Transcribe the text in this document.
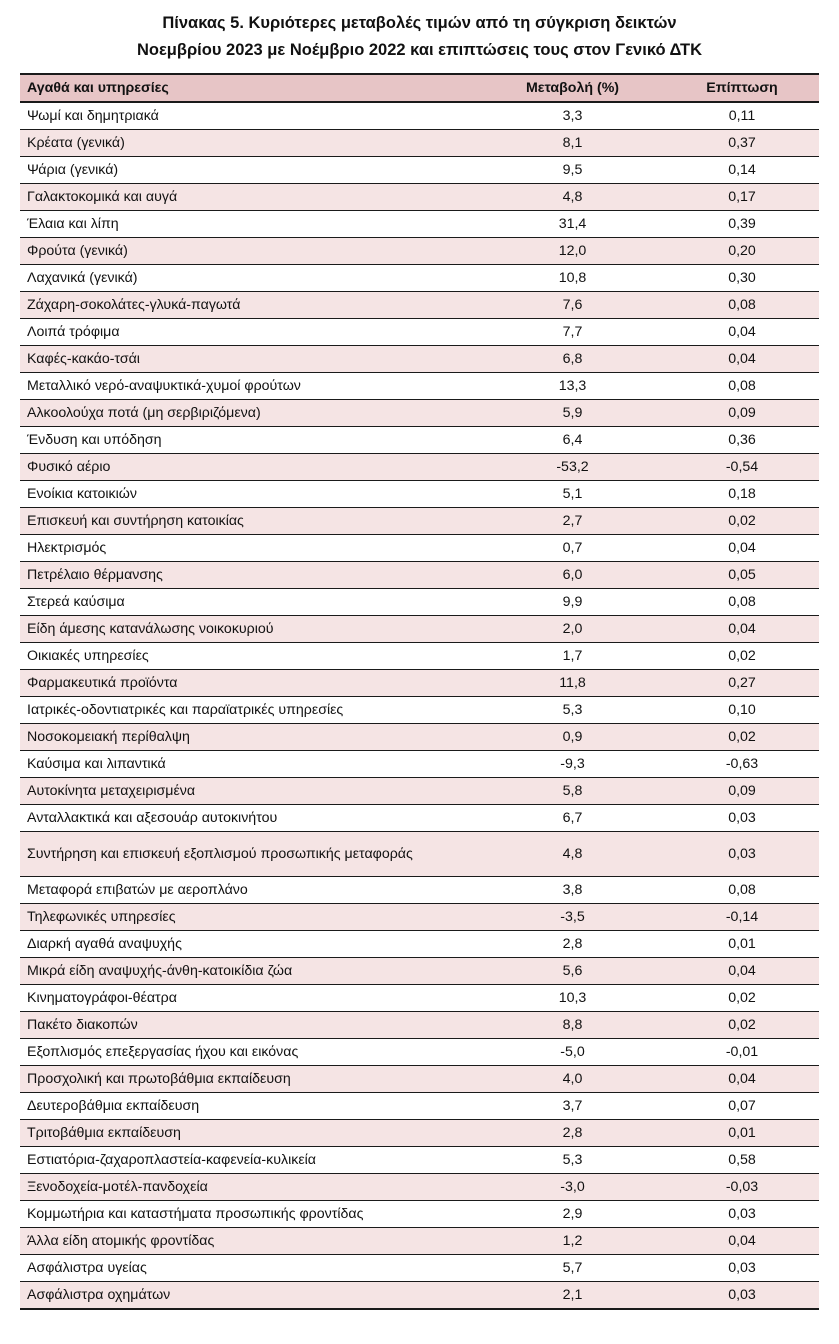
Πίνακας 5. Κυριότερες μεταβολές τιμών από τη σύγκριση δεικτών
Νοεμβρίου 2023 με Νοέμβριο 2022 και επιπτώσεις τους στον Γενικό ΔΤΚ
Αγαθά και υπηρεσίες	Μεταβολή (%)	Επίπτωση
Ψωμί και δημητριακά	3,3	0,11
Κρέατα (γενικά)	8,1	0,37
Ψάρια (γενικά)	9,5	0,14
Γαλακτοκομικά και αυγά	4,8	0,17
Έλαια και λίπη	31,4	0,39
Φρούτα (γενικά)	12,0	0,20
Λαχανικά (γενικά)	10,8	0,30
Ζάχαρη-σοκολάτες-γλυκά-παγωτά	7,6	0,08
Λοιπά τρόφιμα	7,7	0,04
Καφές-κακάο-τσάι	6,8	0,04
Μεταλλικό νερό-αναψυκτικά-χυμοί φρούτων	13,3	0,08
Αλκοολούχα ποτά (μη σερβιριζόμενα)	5,9	0,09
Ένδυση και υπόδηση	6,4	0,36
Φυσικό αέριο	-53,2	-0,54
Ενοίκια κατοικιών	5,1	0,18
Επισκευή και συντήρηση κατοικίας	2,7	0,02
Ηλεκτρισμός	0,7	0,04
Πετρέλαιο θέρμανσης	6,0	0,05
Στερεά καύσιμα	9,9	0,08
Είδη άμεσης κατανάλωσης νοικοκυριού	2,0	0,04
Οικιακές υπηρεσίες	1,7	0,02
Φαρμακευτικά προϊόντα	11,8	0,27
Ιατρικές-οδοντιατρικές και παραϊατρικές υπηρεσίες	5,3	0,10
Νοσοκομειακή περίθαλψη	0,9	0,02
Καύσιμα και λιπαντικά	-9,3	-0,63
Αυτοκίνητα μεταχειρισμένα	5,8	0,09
Ανταλλακτικά και αξεσουάρ αυτοκινήτου	6,7	0,03
Συντήρηση και επισκευή εξοπλισμού προσωπικής μεταφοράς	4,8	0,03
Μεταφορά επιβατών με αεροπλάνο	3,8	0,08
Τηλεφωνικές υπηρεσίες	-3,5	-0,14
Διαρκή αγαθά αναψυχής	2,8	0,01
Μικρά είδη αναψυχής-άνθη-κατοικίδια ζώα	5,6	0,04
Κινηματογράφοι-θέατρα	10,3	0,02
Πακέτο διακοπών	8,8	0,02
Εξοπλισμός επεξεργασίας ήχου και εικόνας	-5,0	-0,01
Προσχολική και πρωτοβάθμια εκπαίδευση	4,0	0,04
Δευτεροβάθμια εκπαίδευση	3,7	0,07
Τριτοβάθμια εκπαίδευση	2,8	0,01
Εστιατόρια-ζαχαροπλαστεία-καφενεία-κυλικεία	5,3	0,58
Ξενοδοχεία-μοτέλ-πανδοχεία	-3,0	-0,03
Κομμωτήρια και καταστήματα προσωπικής φροντίδας	2,9	0,03
Άλλα είδη ατομικής φροντίδας	1,2	0,04
Ασφάλιστρα υγείας	5,7	0,03
Ασφάλιστρα οχημάτων	2,1	0,03
